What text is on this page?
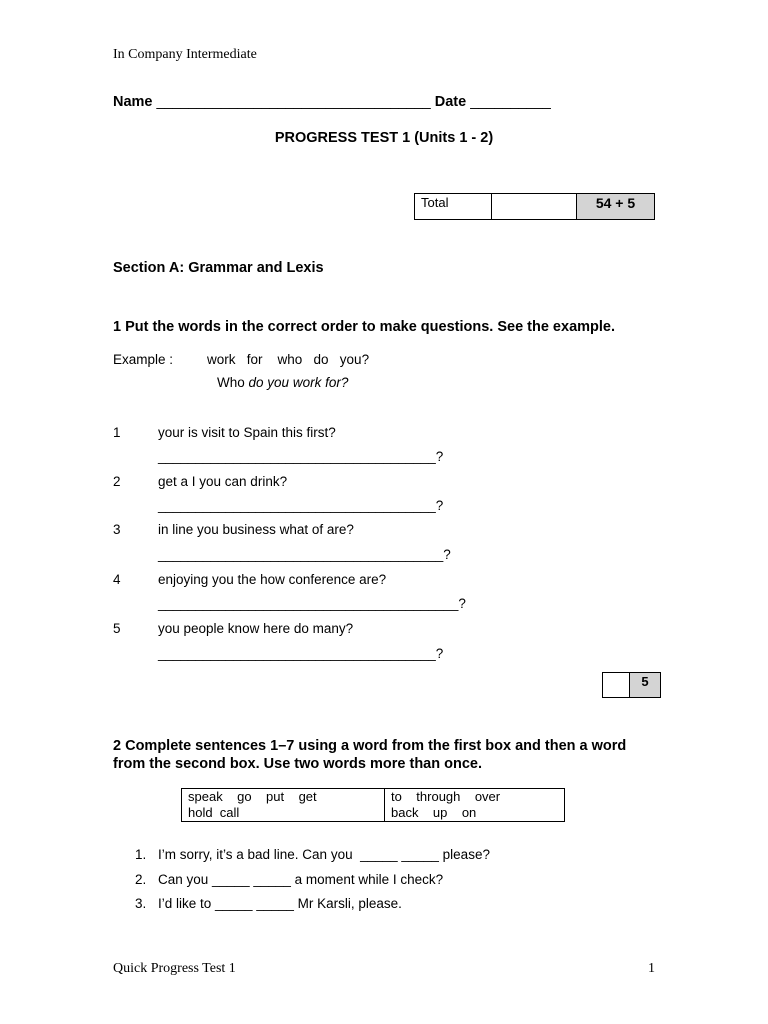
In Company Intermediate
Name __________________________________ Date __________
PROGRESS TEST 1 (Units 1 - 2)
Total		54 + 5
Section A: Grammar and Lexis
1 Put the words in the correct order to make questions. See the example.
Example :	work   for    who   do   you?
Who do you work for?
1	your is visit to Spain this first?
_____________________________________?
2	get a I you can drink?
_____________________________________?
3	in line you business what of are?
______________________________________?
4	enjoying you the how conference are?
________________________________________?
5	you people know here do many?
_____________________________________?
	5
2 Complete sentences 1–7 using a word from the first box and then a word
from the second box. Use two words more than once.
speak    go    put    get
hold  call

to    through    over
back    up    on
1. I’m sorry, it’s a bad line. Can you  _____ _____ please?
2. Can you _____ _____ a moment while I check?
3. I’d like to _____ _____ Mr Karsli, please.
Quick Progress Test 1	1
